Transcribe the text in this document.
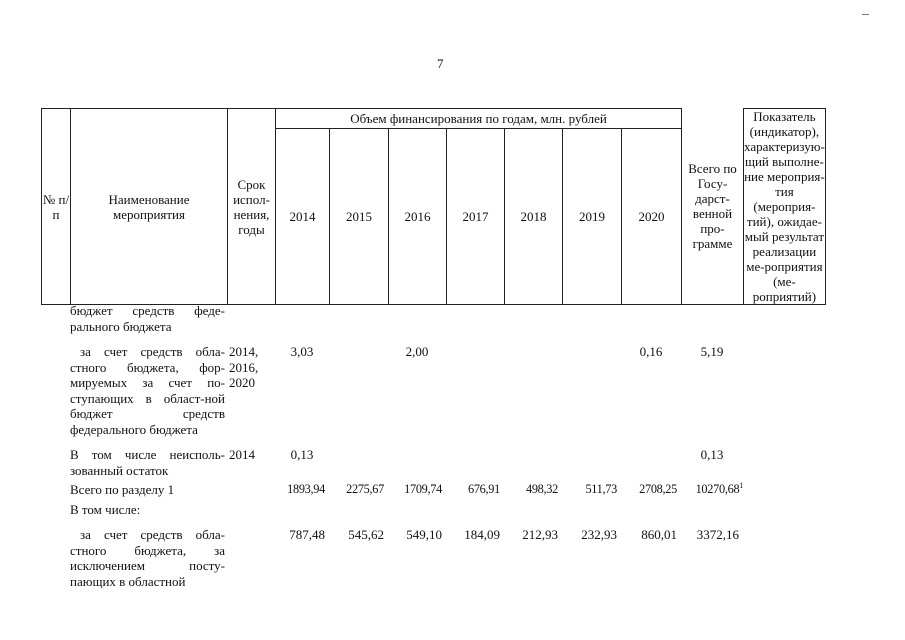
7
№ п/п	Наименование мероприятия	Срок испол-нения, годы	Объем финансирования по годам, млн. рублей							Всего по Госу-дарст-венной про-грамме	Показатель (индикатор), характеризую-щий выполне-ние мероприя-тия (мероприя-тий), ожидае-мый результат реализации ме-роприятия (ме-роприятий)
			2014	2015	2016	2017	2018	2019	2020		
	бюджет средств феде-рального бюджета										
	за счет средств обла-стного бюджета, фор-мируемых за счет по-ступающих в област-ной бюджет средств федерального бюджета	2014, 2016, 2020	3,03		2,00				0,16	5,19	
	В том числе неисполь-зованный остаток	2014	0,13							0,13	
	Всего по разделу 1		1893,94	2275,67	1709,74	676,91	498,32	511,73	2708,25	10270,68$^1$	
	В том числе:										
	за счет средств обла-стного бюджета, за исключением посту-пающих в областной		787,48	545,62	549,10	184,09	212,93	232,93	860,01	3372,16	
